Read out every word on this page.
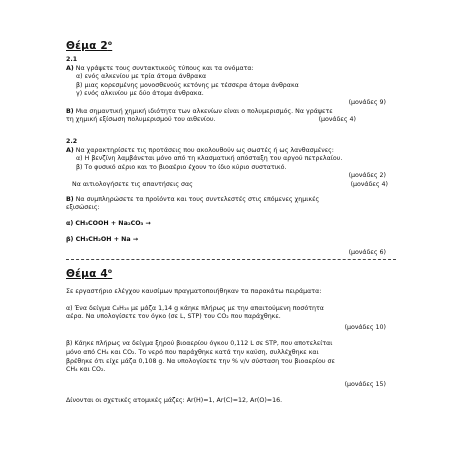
Θέμα $2^o$
2.1
Α) Να γράψετε τους συντακτικούς τύπους και τα ονόματα:
α) ενός αλκενίου με τρία άτομα άνθρακα
β) μιας κορεσμένης μονοσθενούς κετόνης με τέσσερα άτομα άνθρακα
γ) ενός αλκινίου με δύο άτομα άνθρακα.
(μονάδες 9)
Β) Μια σημαντική χημική ιδιότητα των αλκενίων είναι ο πολυμερισμός. Να γράψετε
τη χημική εξίσωση πολυμερισμού του αιθενίου.	(μονάδες 4)
2.2
Α) Να χαρακτηρίσετε τις προτάσεις που ακολουθούν ως σωστές ή ως λανθασμένες:
α) Η βενζίνη λαμβάνεται μόνο από τη κλασματική απόσταξη του αργού πετρελαίου.
β) Το φυσικό αέριο και το βιοαέριο έχουν το ίδιο κύριο συστατικό.
(μονάδες 2)
Να αιτιολογήσετε τις απαντήσεις σας	(μονάδες 4)
Β) Να συμπληρώσετε τα προϊόντα και τους συντελεστές στις επόμενες χημικές
εξισώσεις:
α) CH₃COOH + Na₂CO₃ →
β) CH₃CH₂OH + Na →
(μονάδες 6)
Θέμα $4^o$
Σε εργαστήριο ελέγχου καυσίμων πραγματοποιήθηκαν τα παρακάτω πειράματα:
α) Ένα δείγμα C₈H₁₈ με μάζα 1,14 g κάηκε πλήρως με την απαιτούμενη ποσότητα
αέρα. Να υπολογίσετε τον όγκο (σε L, STP) του CO₂ που παράχθηκε.
(μονάδες 10)
β) Κάηκε πλήρως να δείγμα ξηρού βιοαερίου όγκου 0,112 L σε STP, που αποτελείται
μόνο από CH₄ και CO₂. Το νερό που παράχθηκε κατά την καύση, συλλέχθηκε και
βρέθηκε ότι είχε μάζα 0,108 g. Να υπολογίσετε την % v/v σύσταση του βιοαερίου σε
CH₄ και CO₂.
(μονάδες 15)
Δίνονται οι σχετικές ατομικές μάζες: Ar(H)=1, Ar(C)=12, Ar(O)=16.
